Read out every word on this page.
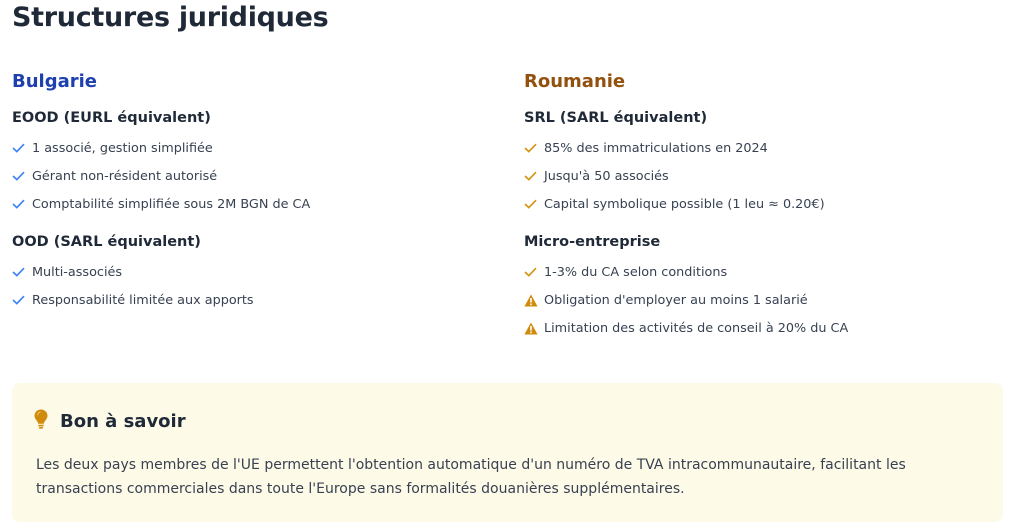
Structures juridiques
Bulgarie
EOOD (EURL équivalent)
1 associé, gestion simplifiée
Gérant non-résident autorisé
Comptabilité simplifiée sous 2M BGN de CA
OOD (SARL équivalent)
Multi-associés
Responsabilité limitée aux apports
Roumanie
SRL (SARL équivalent)
85% des immatriculations en 2024
Jusqu'à 50 associés
Capital symbolique possible (1 leu ≈ 0.20€)
Micro-entreprise
1-3% du CA selon conditions
Obligation d'employer au moins 1 salarié
Limitation des activités de conseil à 20% du CA
Bon à savoir

Les deux pays membres de l'UE permettent l'obtention automatique d'un numéro de TVA intracommunautaire, facilitant les transactions commerciales dans toute l'Europe sans formalités douanières supplémentaires.
